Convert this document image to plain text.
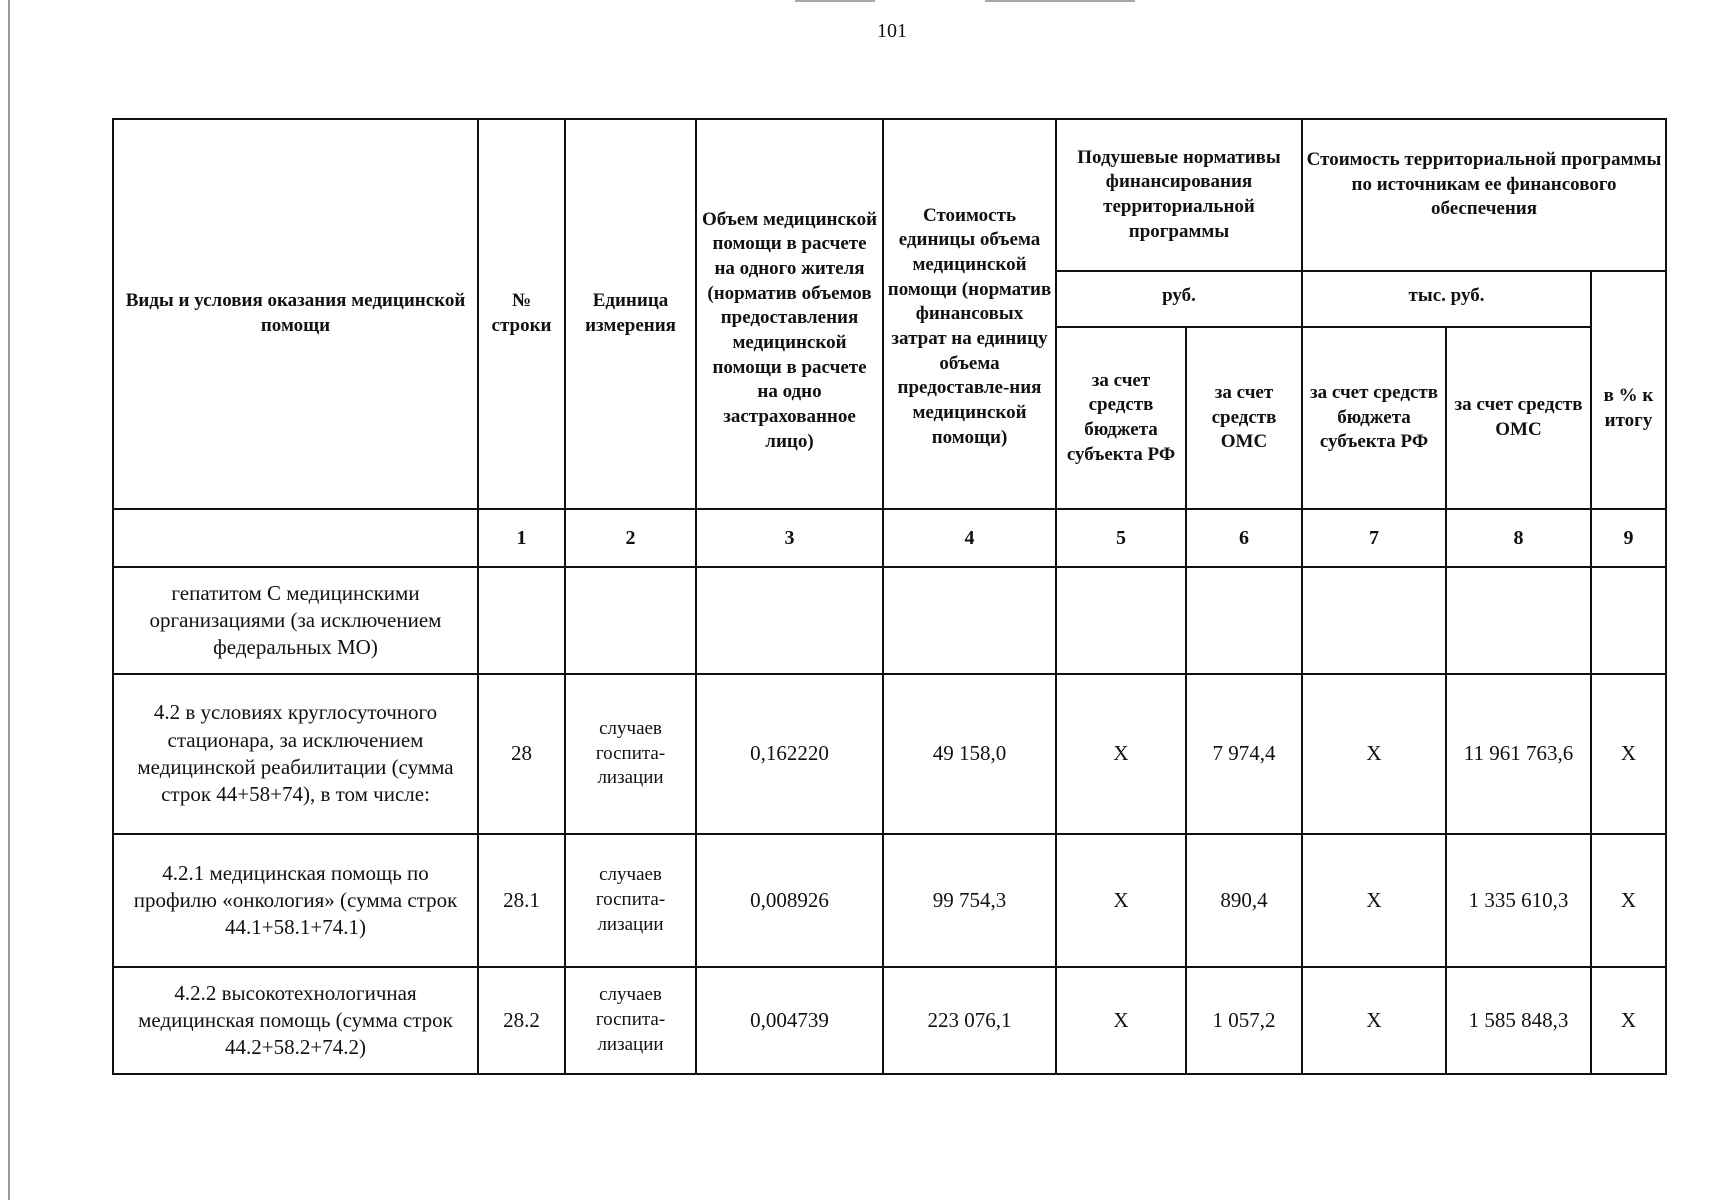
101
Виды и условия оказания медицинской помощи	№ строки	Единица измерения	Объем медицинской помощи в расчете на одного жителя (норматив объемов предоставления медицинской помощи в расчете на одно застрахованное лицо)	Стоимость единицы объема медицинской помощи (норматив финансовых затрат на единицу объема предоставле-ния медицинской помощи)	Подушевые нормативы финансирования территориальной программы		Стоимость территориальной программы по источникам ее финансового обеспечения		
					руб.		тыс. руб.		в % к итогу
					за счет средств бюджета субъекта РФ	за счет средств ОМС	за счет средств бюджета субъекта РФ	за счет средств ОМС	
	1	2	3	4	5	6	7	8	9
гепатитом С медицинскими организациями (за исключением федеральных МО)									
4.2 в условиях круглосуточного стационара, за исключением медицинской реабилитации (сумма строк 44+58+74), в том числе:	28	случаев госпита-лизации	0,162220	49 158,0	X	7 974,4	X	11 961 763,6	X
4.2.1 медицинская помощь по профилю «онкология» (сумма строк 44.1+58.1+74.1)	28.1	случаев госпита-лизации	0,008926	99 754,3	X	890,4	X	1 335 610,3	X
4.2.2 высокотехнологичная медицинская помощь (сумма строк 44.2+58.2+74.2)	28.2	случаев госпита-лизации	0,004739	223 076,1	X	1 057,2	X	1 585 848,3	X
